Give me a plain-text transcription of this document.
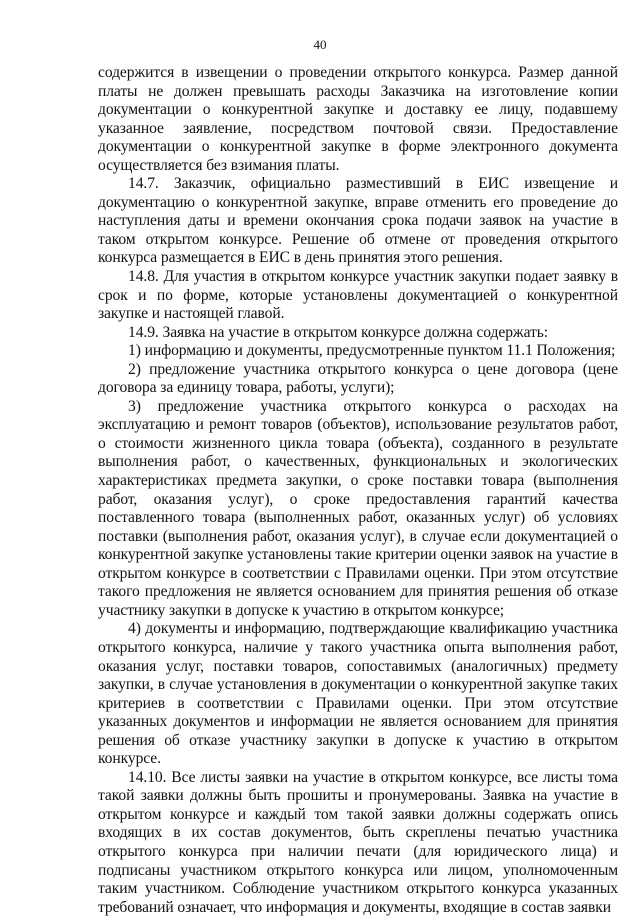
40

содержится в извещении о проведении открытого конкурса. Размер данной платы не должен превышать расходы Заказчика на изготовление копии документации о конкурентной закупке и доставку ее лицу, подавшему указанное заявление, посредством почтовой связи. Предоставление документации о конкурентной закупке в форме электронного документа осуществляется без взимания платы.

14.7. Заказчик, официально разместивший в ЕИС извещение и документацию о конкурентной закупке, вправе отменить его проведение до наступления даты и времени окончания срока подачи заявок на участие в таком открытом конкурсе. Решение об отмене от проведения открытого конкурса размещается в ЕИС в день принятия этого решения.

14.8. Для участия в открытом конкурсе участник закупки подает заявку в срок и по форме, которые установлены документацией о конкурентной закупке и настоящей главой.

14.9. Заявка на участие в открытом конкурсе должна содержать:

1) информацию и документы, предусмотренные пунктом 11.1 Положения;

2) предложение участника открытого конкурса о цене договора (цене договора за единицу товара, работы, услуги);

3) предложение участника открытого конкурса о расходах на эксплуатацию и ремонт товаров (объектов), использование результатов работ, о стоимости жизненного цикла товара (объекта), созданного в результате выполнения работ, о качественных, функциональных и экологических характеристиках предмета закупки, о сроке поставки товара (выполнения работ, оказания услуг), о сроке предоставления гарантий качества поставленного товара (выполненных работ, оказанных услуг) об условиях поставки (выполнения работ, оказания услуг), в случае если документацией о конкурентной закупке установлены такие критерии оценки заявок на участие в открытом конкурсе в соответствии с Правилами оценки. При этом отсутствие такого предложения не является основанием для принятия решения об отказе участнику закупки в допуске к участию в открытом конкурсе;

4) документы и информацию, подтверждающие квалификацию участника открытого конкурса, наличие у такого участника опыта выполнения работ, оказания услуг, поставки товаров, сопоставимых (аналогичных) предмету закупки, в случае установления в документации о конкурентной закупке таких критериев в соответствии с Правилами оценки. При этом отсутствие указанных документов и информации не является основанием для принятия решения об отказе участнику закупки в допуске к участию в открытом конкурсе.

14.10. Все листы заявки на участие в открытом конкурсе, все листы тома такой заявки должны быть прошиты и пронумерованы. Заявка на участие в открытом конкурсе и каждый том такой заявки должны содержать опись входящих в их состав документов, быть скреплены печатью участника открытого конкурса при наличии печати (для юридического лица) и подписаны участником открытого конкурса или лицом, уполномоченным таким участником. Соблюдение участником открытого конкурса указанных требований означает, что информация и документы, входящие в состав заявки
